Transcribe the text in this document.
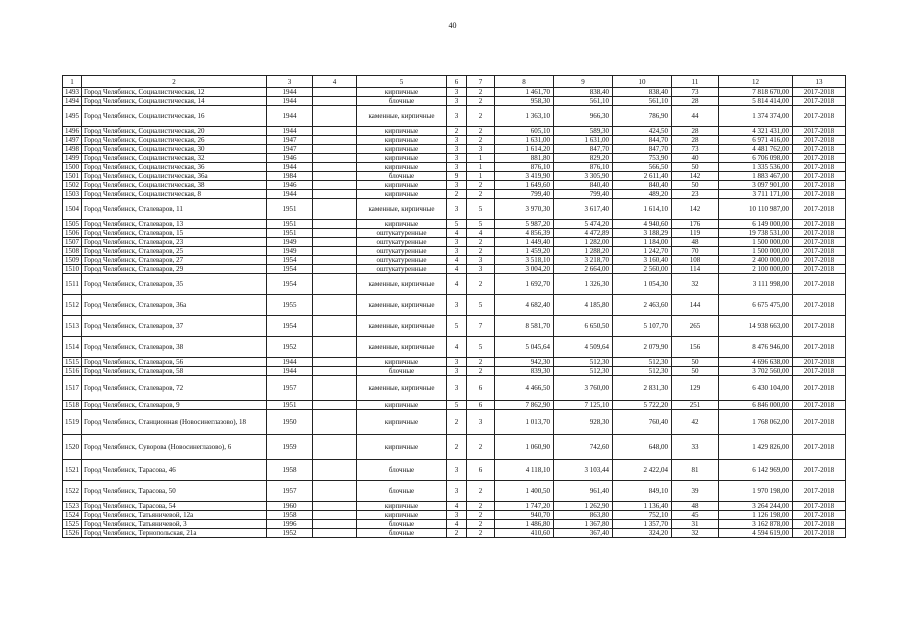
40
1	2	3	4	5	6	7	8	9	10	11	12	13
1493	Город Челябинск, Социалистическая, 12	1944		кирпичные	3	2	1 461,70	838,40	838,40	73	7 818 670,00	2017-2018
1494	Город Челябинск, Социалистическая, 14	1944		блочные	3	2	958,30	561,10	561,10	28	5 814 414,00	2017-2018
1495	Город Челябинск, Социалистическая, 16	1944		каменные, кирпичные	3	2	1 363,10	966,30	786,90	44	1 374 374,00	2017-2018
1496	Город Челябинск, Социалистическая, 20	1944		кирпичные	2	2	605,10	589,30	424,50	28	4 321 431,00	2017-2018
1497	Город Челябинск, Социалистическая, 26	1947		кирпичные	3	2	1 631,00	1 631,00	844,70	28	6 971 416,00	2017-2018
1498	Город Челябинск, Социалистическая, 30	1947		кирпичные	3	3	1 614,20	847,70	847,70	73	4 481 762,00	2017-2018
1499	Город Челябинск, Социалистическая, 32	1946		кирпичные	3	1	881,80	829,20	753,90	40	6 706 098,00	2017-2018
1500	Город Челябинск, Социалистическая, 36	1944		кирпичные	3	1	876,10	876,10	566,50	50	1 335 536,00	2017-2018
1501	Город Челябинск, Социалистическая, 36а	1984		блочные	9	1	3 419,90	3 305,90	2 611,40	142	1 883 467,00	2017-2018
1502	Город Челябинск, Социалистическая, 38	1946		кирпичные	3	2	1 649,60	840,40	840,40	50	3 097 901,00	2017-2018
1503	Город Челябинск, Социалистическая, 8	1944		кирпичные	2	2	799,40	799,40	489,20	23	3 711 171,00	2017-2018
1504	Город Челябинск, Сталеваров, 11	1951		каменные, кирпичные	3	5	3 970,30	3 617,40	1 614,10	142	10 110 987,00	2017-2018
1505	Город Челябинск, Сталеваров, 13	1951		кирпичные	5	5	5 987,20	5 474,20	4 940,60	176	6 149 000,00	2017-2018
1506	Город Челябинск, Сталеваров, 15	1951		оштукатуренные	4	4	4 856,39	4 472,89	3 188,29	119	19 738 531,00	2017-2018
1507	Город Челябинск, Сталеваров, 23	1949		оштукатуренные	3	2	1 449,40	1 282,00	1 184,00	48	1 500 000,00	2017-2018
1508	Город Челябинск, Сталеваров, 25	1949		оштукатуренные	3	2	1 459,20	1 288,20	1 242,70	70	1 500 000,00	2017-2018
1509	Город Челябинск, Сталеваров, 27	1954		оштукатуренные	4	3	3 518,10	3 218,70	3 160,40	108	2 400 000,00	2017-2018
1510	Город Челябинск, Сталеваров, 29	1954		оштукатуренные	4	3	3 004,20	2 664,00	2 560,00	114	2 100 000,00	2017-2018
1511	Город Челябинск, Сталеваров, 35	1954		каменные, кирпичные	4	2	1 692,70	1 326,30	1 054,30	32	3 111 998,00	2017-2018
1512	Город Челябинск, Сталеваров, 36а	1955		каменные, кирпичные	3	5	4 682,40	4 185,80	2 463,60	144	6 675 475,00	2017-2018
1513	Город Челябинск, Сталеваров, 37	1954		каменные, кирпичные	5	7	8 581,70	6 650,50	5 107,70	265	14 938 663,00	2017-2018
1514	Город Челябинск, Сталеваров, 38	1952		каменные, кирпичные	4	5	5 045,64	4 509,64	2 079,90	156	8 476 946,00	2017-2018
1515	Город Челябинск, Сталеваров, 56	1944		кирпичные	3	2	942,30	512,30	512,30	50	4 696 638,00	2017-2018
1516	Город Челябинск, Сталеваров, 58	1944		блочные	3	2	839,30	512,30	512,30	50	3 702 560,00	2017-2018
1517	Город Челябинск, Сталеваров, 72	1957		каменные, кирпичные	3	6	4 466,50	3 760,00	2 831,30	129	6 430 104,00	2017-2018
1518	Город Челябинск, Сталеваров, 9	1951		кирпичные	5	6	7 862,90	7 125,10	5 722,20	251	6 846 000,00	2017-2018
1519	Город Челябинск, Станционная (Новосинеглазово), 18	1950		кирпичные	2	3	1 013,70	928,30	760,40	42	1 768 062,00	2017-2018
1520	Город Челябинск, Суворова (Новосинеглазово), 6	1959		кирпичные	2	2	1 060,90	742,60	648,00	33	1 429 826,00	2017-2018
1521	Город Челябинск, Тарасова, 46	1958		блочные	3	6	4 118,10	3 103,44	2 422,04	81	6 142 969,00	2017-2018
1522	Город Челябинск, Тарасова, 50	1957		блочные	3	2	1 400,50	961,40	849,10	39	1 970 198,00	2017-2018
1523	Город Челябинск, Тарасова, 54	1960		кирпичные	4	2	1 747,20	1 262,90	1 136,40	48	3 264 244,00	2017-2018
1524	Город Челябинск, Татьяничевой, 12а	1958		кирпичные	3	2	940,70	863,80	752,10	45	1 126 198,00	2017-2018
1525	Город Челябинск, Татьяничевой, 3	1996		блочные	4	2	1 486,80	1 367,80	1 357,70	31	3 162 878,00	2017-2018
1526	Город Челябинск, Тернопольская, 21а	1952		блочные	2	2	410,60	367,40	324,20	32	4 594 619,00	2017-2018
